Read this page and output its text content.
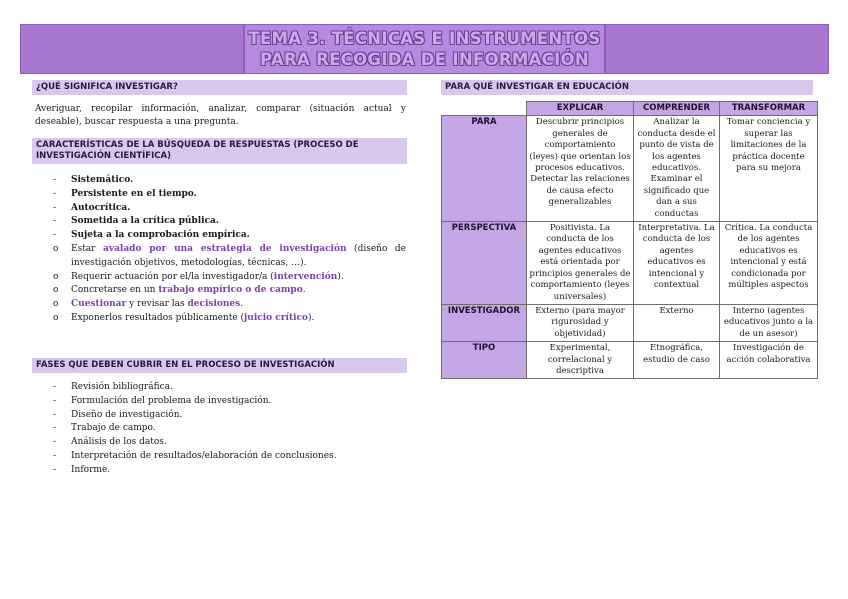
TEMA 3. TÉCNICAS E INSTRUMENTOS
PARA RECOGIDA DE INFORMACIÓN
¿QUÉ SIGNIFICA INVESTIGAR?
Averiguar, recopilar información, analizar, comparar (situación actual y deseable), buscar respuesta a una pregunta.
CARACTERÍSTICAS DE LA BÚSQUEDA DE RESPUESTAS (PROCESO DE INVESTIGACIÓN CIENTÍFICA)
- Sistemático.
- Persistente en el tiempo.
- Autocrítica.
- Sometida a la crítica pública.
- Sujeta a la comprobación empírica.
o Estar avalado por una estrategia de investigación (diseño de investigación objetivos, metodologías, técnicas, …).
o Requerir actuación por el/la investigador/a (intervención).
o Concretarse en un trabajo empírico o de campo.
o Cuestionar y revisar las decisiones.
o Exponerlos resultados públicamente (juicio crítico).
FASES QUE DEBEN CUBRIR EN EL PROCESO DE INVESTIGACIÓN
- Revisión bibliográfica.
- Formulación del problema de investigación.
- Diseño de investigación.
- Trabajo de campo.
- Análisis de los datos.
- Interpretación de resultados/elaboración de conclusiones.
- Informe.
PARA QUÉ INVESTIGAR EN EDUCACIÓN
	EXPLICAR	COMPRENDER	TRANSFORMAR
PARA	Descubrir principios generales de comportamiento (leyes) que orientan los procesos educativos. Detectar las relaciones de causa efecto generalizables	Analizar la conducta desde el punto de vista de los agentes educativos. Examinar el significado que dan a sus conductas	Tomar conciencia y superar las limitaciones de la práctica docente para su mejora
PERSPECTIVA	Positivista. La conducta de los agentes educativos está orientada por principios generales de comportamiento (leyes universales)	Interpretativa. La conducta de los agentes educativos es intencional y contextual	Crítica. La conducta de los agentes educativos es intencional y está condicionada por múltiples aspectos
INVESTIGADOR	Externo (para mayor rigurosidad y objetividad)	Externo	Interno (agentes educativos junto a la de un asesor)
TIPO	Experimental, correlacional y descriptiva	Etnográfica, estudio de caso	Investigación de acción colaborativa
